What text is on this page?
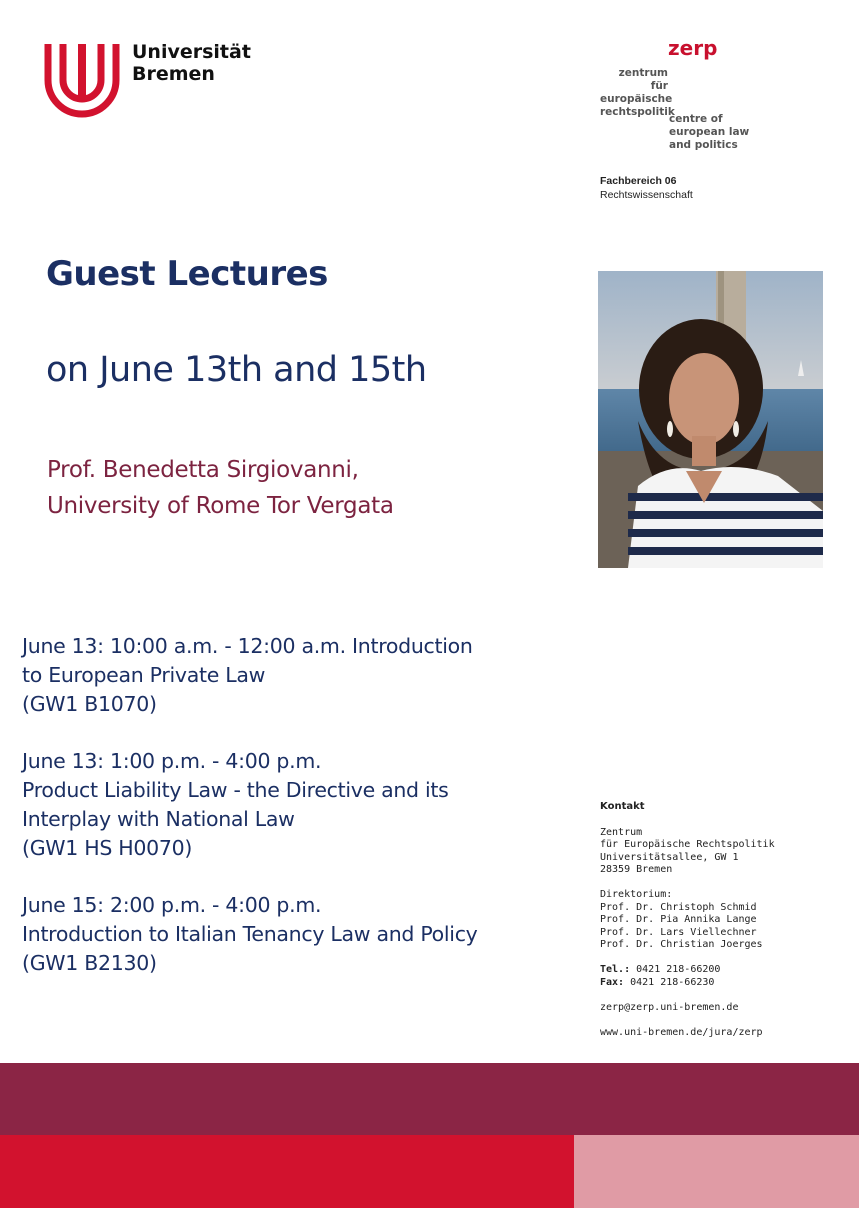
Universität
Bremen
zerp
zentrum für
europäische
rechtspolitik
centre of
european law
and politics
Fachbereich 06
Rechtswissenschaft
Guest Lectures
on June 13th and 15th
Prof. Benedetta Sirgiovanni,
University of Rome Tor Vergata
June 13: 10:00 a.m. - 12:00 a.m. Introduction
to European Private Law
(GW1 B1070)
June 13: 1:00 p.m. - 4:00 p.m.
Product Liability Law - the Directive and its
Interplay with National Law
(GW1 HS H0070)
June 15: 2:00 p.m. - 4:00 p.m.
Introduction to Italian Tenancy Law and Policy
(GW1 B2130)
Kontakt
Zentrum
für Europäische Rechtspolitik
Universitätsallee, GW 1
28359 Bremen
Direktorium:
Prof. Dr. Christoph Schmid
Prof. Dr. Pia Annika Lange
Prof. Dr. Lars Viellechner
Prof. Dr. Christian Joerges
Tel.: 0421 218-66200
Fax: 0421 218-66230
zerp@zerp.uni-bremen.de
www.uni-bremen.de/jura/zerp
